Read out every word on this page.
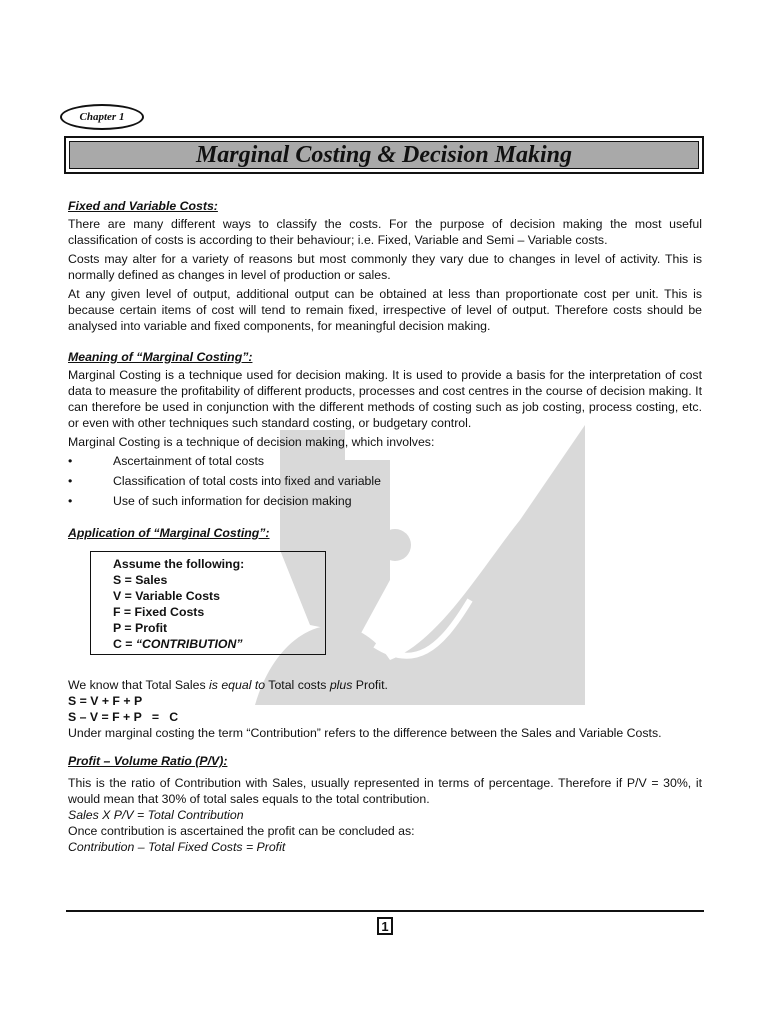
Chapter 1
Marginal Costing & Decision Making
Fixed and Variable Costs:

There are many different ways to classify the costs. For the purpose of decision making the most useful classification of costs is according to their behaviour; i.e. Fixed, Variable and Semi – Variable costs.

Costs may alter for a variety of reasons but most commonly they vary due to changes in level of activity. This is normally defined as changes in level of production or sales.

At any given level of output, additional output can be obtained at less than proportionate cost per unit. This is because certain items of cost will tend to remain fixed, irrespective of level of output. Therefore costs should be analysed into variable and fixed components, for meaningful decision making.

Meaning of “Marginal Costing”:

Marginal Costing is a technique used for decision making. It is used to provide a basis for the interpretation of cost data to measure the profitability of different products, processes and cost centres in the course of decision making. It can therefore be used in conjunction with the different methods of costing such as job costing, process costing, etc. or even with other techniques such standard costing, or budgetary control.

Marginal Costing is a technique of decision making, which involves:

•	Ascertainment of total costs
•	Classification of total costs into fixed and variable
•	Use of such information for decision making
Application of “Marginal Costing”:
Assume the following:
S = Sales
V = Variable Costs
F = Fixed Costs
P = Profit
C = “CONTRIBUTION”

We know that Total Sales is equal to Total costs plus Profit.

S = V + F + P

S – V = F + P   =   C

Under marginal costing the term “Contribution” refers to the difference between the Sales and Variable Costs.

Profit – Volume Ratio (P/V):

This is the ratio of Contribution with Sales, usually represented in terms of percentage. Therefore if P/V = 30%, it would mean that 30% of total sales equals to the total contribution.

Sales X P/V = Total Contribution

Once contribution is ascertained the profit can be concluded as:

Contribution – Total Fixed Costs = Profit

1
